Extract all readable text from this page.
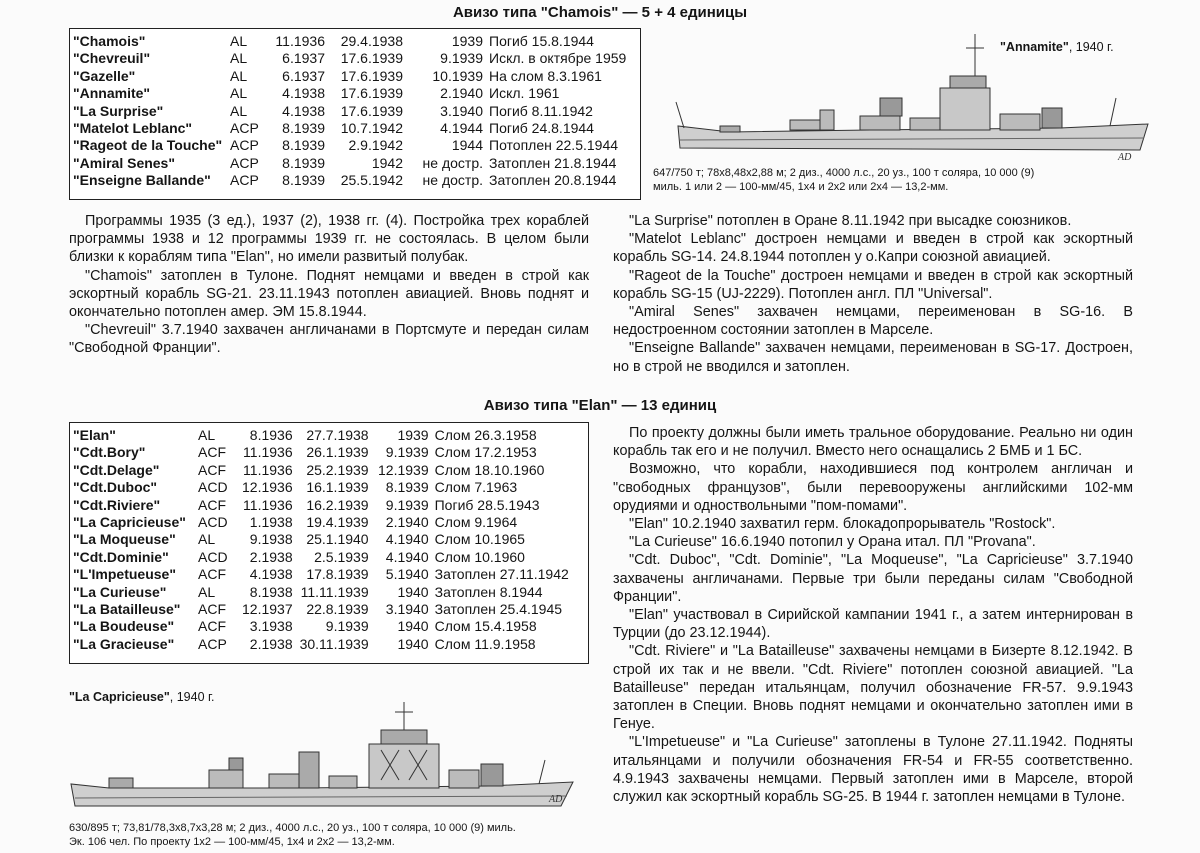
Авизо типа "Chamois" — 5 + 4 единицы
"Chamois"	AL	11.1936	29.4.1938	1939	Погиб 15.8.1944
"Chevreuil"	AL	6.1937	17.6.1939	9.1939	Искл. в октябре 1959
"Gazelle"	AL	6.1937	17.6.1939	10.1939	На слом 8.3.1961
"Annamite"	AL	4.1938	17.6.1939	2.1940	Искл. 1961
"La Surprise"	AL	4.1938	17.6.1939	3.1940	Погиб 8.11.1942
"Matelot Leblanc"	ACP	8.1939	10.7.1942	4.1944	Погиб 24.8.1944
"Rageot de la Touche"	ACP	8.1939	2.9.1942	1944	Потоплен 22.5.1944
"Amiral Senes"	ACP	8.1939	1942	не достр.	Затоплен 21.8.1944
"Enseigne Ballande"	ACP	8.1939	25.5.1942	не достр.	Затоплен 20.8.1944
"Annamite", 1940 г.
AD
647/750 т; 78х8,48х2,88 м; 2 диз., 4000 л.с., 20 уз., 100 т соляра, 10 000 (9)
миль. 1 или 2 — 100-мм/45, 1х4 и 2х2 или 2х4 — 13,2-мм.

Программы 1935 (3 ед.), 1937 (2), 1938 гг. (4). Постройка трех кораблей программы 1938 и 12 программы 1939 гг. не состоялась. В целом были близки к кораблям типа "Elan", но имели развитый полубак.

"Chamois" затоплен в Тулоне. Поднят немцами и введен в строй как эскортный корабль SG-21. 23.11.1943 потоплен авиацией. Вновь поднят и окончательно потоплен амер. ЭМ 15.8.1944.

"Chevreuil" 3.7.1940 захвачен англичанами в Портсмуте и передан силам "Свободной Франции".

"La Surprise" потоплен в Оране 8.11.1942 при высадке союзников.

"Matelot Leblanc" достроен немцами и введен в строй как эскортный корабль SG-14. 24.8.1944 потоплен у о.Капри союзной авиацией.

"Rageot de la Touche" достроен немцами и введен в строй как эскортный корабль SG-15 (UJ-2229). Потоплен англ. ПЛ "Universal".

"Amiral Senes" захвачен немцами, переименован в SG-16. В недостроенном состоянии затоплен в Марселе.

"Enseigne Ballande" захвачен немцами, переименован в SG-17. Достроен, но в строй не вводился и затоплен.

Авизо типа "Elan" — 13 единиц
"Elan"	AL	8.1936	27.7.1938	1939	Слом 26.3.1958
"Cdt.Bory"	ACF	11.1936	26.1.1939	9.1939	Слом 17.2.1953
"Cdt.Delage"	ACF	11.1936	25.2.1939	12.1939	Слом 18.10.1960
"Cdt.Duboc"	ACD	12.1936	16.1.1939	8.1939	Слом 7.1963
"Cdt.Riviere"	ACF	11.1936	16.2.1939	9.1939	Погиб 28.5.1943
"La Capricieuse"	ACD	1.1938	19.4.1939	2.1940	Слом 9.1964
"La Moqueuse"	AL	9.1938	25.1.1940	4.1940	Слом 10.1965
"Cdt.Dominie"	ACD	2.1938	2.5.1939	4.1940	Слом 10.1960
"L'Impetueuse"	ACF	4.1938	17.8.1939	5.1940	Затоплен 27.11.1942
"La Curieuse"	AL	8.1938	11.11.1939	1940	Затоплен 8.1944
"La Batailleuse"	ACF	12.1937	22.8.1939	3.1940	Затоплен 25.4.1945
"La Boudeuse"	ACF	3.1938	9.1939	1940	Слом 15.4.1958
"La Gracieuse"	ACP	2.1938	30.11.1939	1940	Слом 11.9.1958
"La Capricieuse", 1940 г.
AD
630/895 т; 73,81/78,3х8,7х3,28 м; 2 диз., 4000 л.с., 20 уз., 100 т соляра, 10 000 (9) миль.
Эк. 106 чел. По проекту 1х2 — 100-мм/45, 1х4 и 2х2 — 13,2-мм.

По проекту должны были иметь тральное оборудование. Реально ни один корабль так его и не получил. Вместо него оснащались 2 БМБ и 1 БС.

Возможно, что корабли, находившиеся под контролем англичан и "свободных французов", были перевооружены английскими 102-мм орудиями и одноствольными "пом-помами".

"Elan" 10.2.1940 захватил герм. блокадопрорыватель "Rostock".

"La Curieuse" 16.6.1940 потопил у Орана итал. ПЛ "Provana".

"Cdt. Duboc", "Cdt. Dominie", "La Moqueuse", "La Capricieuse" 3.7.1940 захвачены англичанами. Первые три были переданы силам "Свободной Франции".

"Elan" участвовал в Сирийской кампании 1941 г., а затем интернирован в Турции (до 23.12.1944).

"Cdt. Riviere" и "La Batailleuse" захвачены немцами в Бизерте 8.12.1942. В строй их так и не ввели. "Cdt. Riviere" потоплен союзной авиацией. "La Batailleuse" передан итальянцам, получил обозначение FR-57. 9.9.1943 затоплен в Специи. Вновь поднят немцами и окончательно затоплен ими в Генуе.

"L'Impetueuse" и "La Curieuse" затоплены в Тулоне 27.11.1942. Подняты итальянцами и получили обозначения FR-54 и FR-55 соответственно. 4.9.1943 захвачены немцами. Первый затоплен ими в Марселе, второй служил как эскортный корабль SG-25. В 1944 г. затоплен немцами в Тулоне.
